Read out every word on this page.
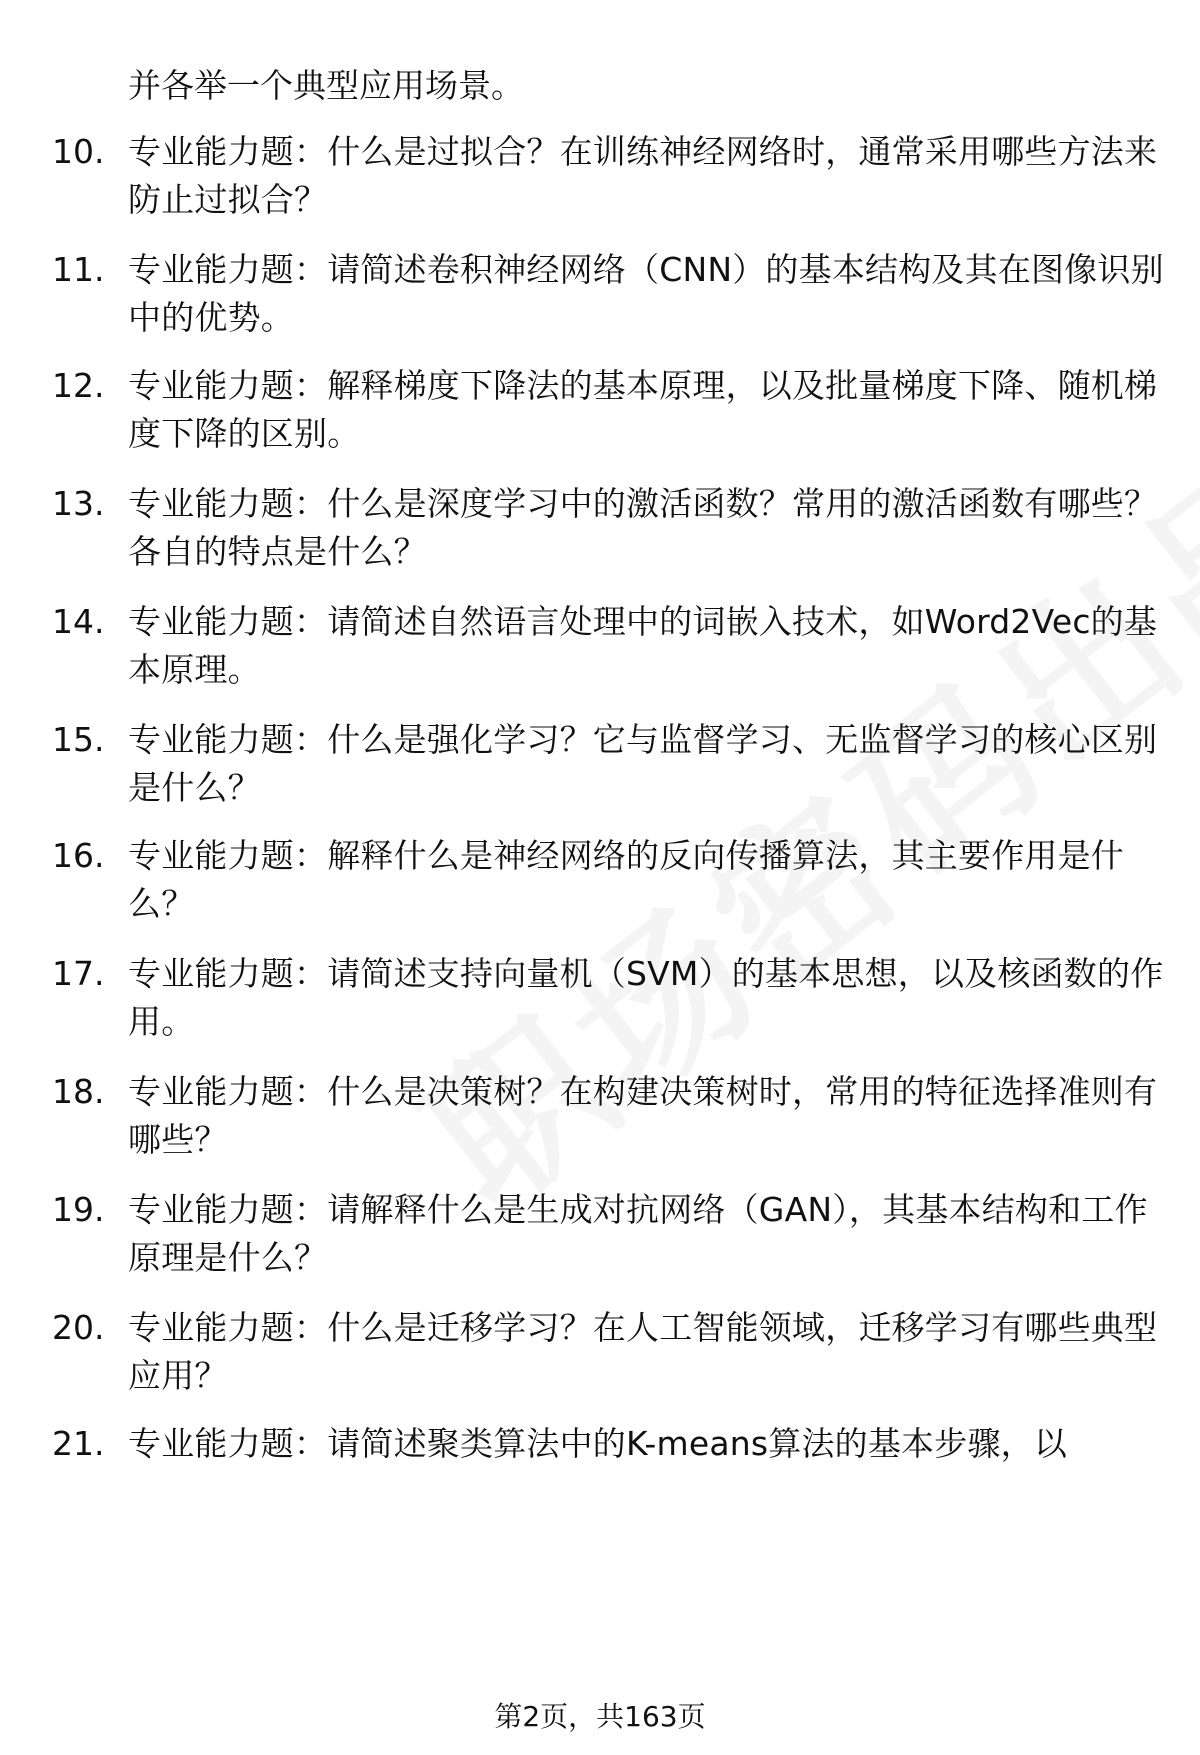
并各举一个典型应用场景。
10. 专业能力题：什么是过拟合？在训练神经网络时，通常采用哪些方法来防止过拟合？
11. 专业能力题：请简述卷积神经网络（CNN）的基本结构及其在图像识别中的优势。
12. 专业能力题：解释梯度下降法的基本原理，以及批量梯度下降、随机梯度下降的区别。
13. 专业能力题：什么是深度学习中的激活函数？常用的激活函数有哪些？各自的特点是什么？
14. 专业能力题：请简述自然语言处理中的词嵌入技术，如Word2Vec的基本原理。
15. 专业能力题：什么是强化学习？它与监督学习、无监督学习的核心区别是什么？
16. 专业能力题：解释什么是神经网络的反向传播算法，其主要作用是什么？
17. 专业能力题：请简述支持向量机（SVM）的基本思想，以及核函数的作用。
18. 专业能力题：什么是决策树？在构建决策树时，常用的特征选择准则有哪些？
19. 专业能力题：请解释什么是生成对抗网络（GAN），其基本结构和工作原理是什么？
20. 专业能力题：什么是迁移学习？在人工智能领域，迁移学习有哪些典型应用？
21. 专业能力题：请简述聚类算法中的K-means算法的基本步骤，以
第2页，共163页
